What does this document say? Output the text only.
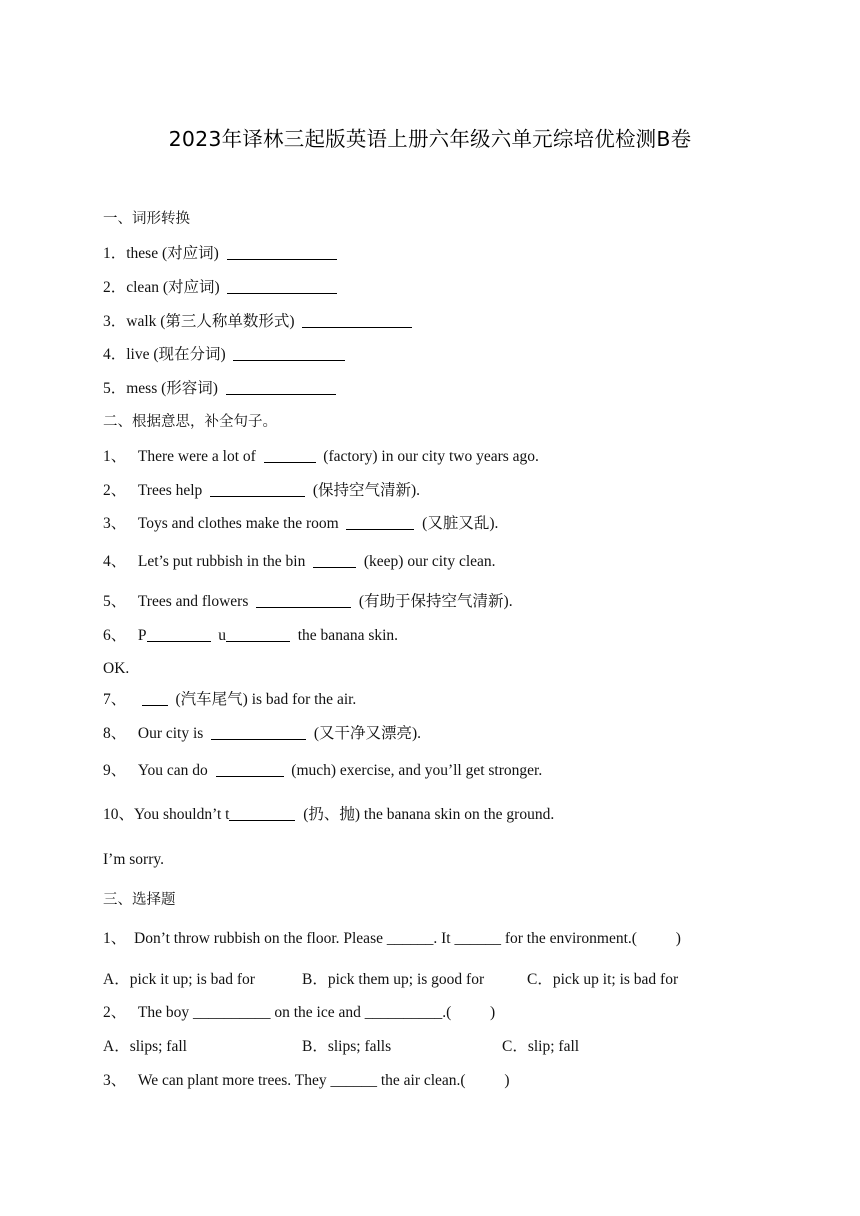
2023年译林三起版英语上册六年级六单元综培优检测B卷
一、词形转换
1．these (对应词)
2．clean (对应词)
3．walk (第三人称单数形式)
4．live (现在分词)
5．mess (形容词)
二、根据意思，补全句子。
1、   There were a lot of	(factory) in our city two years ago.
2、   Trees help	(保持空气清新).
3、   Toys and clothes make the room	(又脏又乱).
4、   Let’s put rubbish in the bin	(keep) our city clean.
5、   Trees and flowers	(有助于保持空气清新).
6、   P	u	the banana skin.
OK.
7、      (汽车尾气) is bad for the air.
8、   Our city is	(又干净又漂亮).
9、   You can do	(much) exercise, and you’ll get stronger.
10、You shouldn’t t	(扔、抛) the banana skin on the ground.
I’m sorry.
三、选择题
1、  Don’t throw rubbish on the floor. Please ______. It ______ for the environment.(          )
A．pick it up; is bad for	B．pick them up; is good for	C．pick up it; is bad for
2、   The boy __________ on the ice and __________.(          )
A．slips; fall	B．slips; falls	C．slip; fall
3、   We can plant more trees. They ______ the air clean.(          )
